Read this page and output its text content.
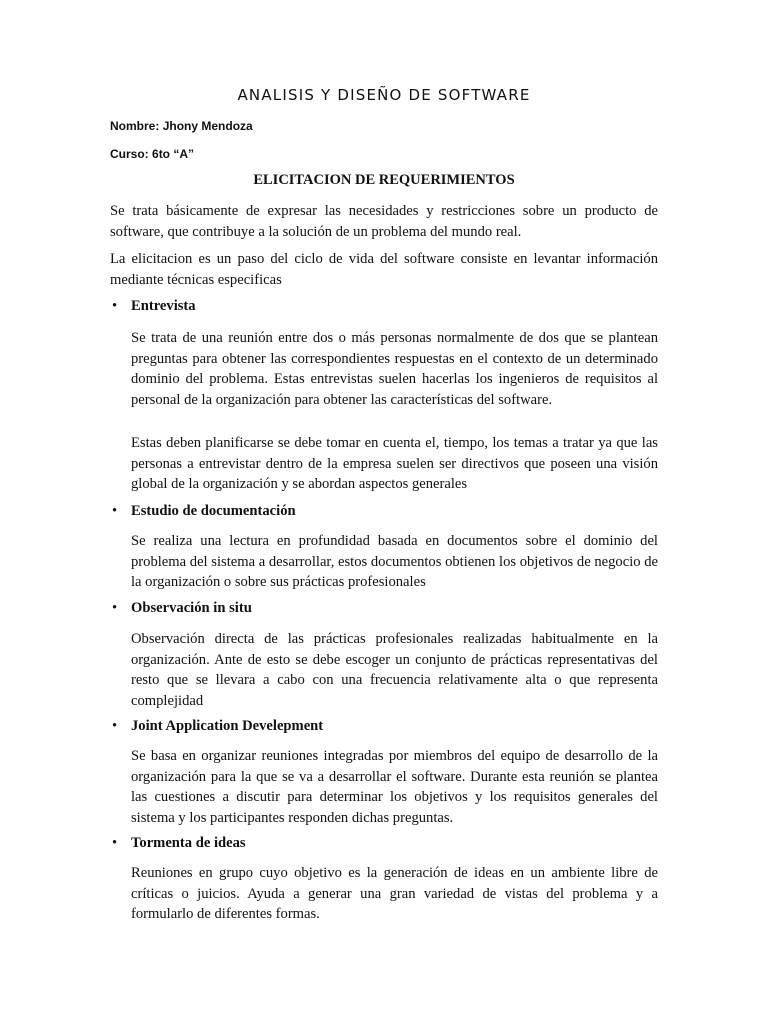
ANALISIS Y DISEÑO DE SOFTWARE
Nombre: Jhony Mendoza
Curso: 6to “A”
ELICITACION DE REQUERIMIENTOS

Se trata básicamente de expresar las necesidades y restricciones sobre un producto de software, que contribuye a la solución de un problema del mundo real.

La elicitacion es un paso del ciclo de vida del software consiste en levantar información mediante técnicas especificas

• Entrevista

Se trata de una reunión entre dos o más personas normalmente de dos que se plantean preguntas para obtener las correspondientes respuestas en el contexto de un determinado dominio del problema. Estas entrevistas suelen hacerlas los ingenieros de requisitos al personal de la organización para obtener las características del software.

Estas deben planificarse se debe tomar en cuenta el, tiempo, los temas a tratar ya que las personas a entrevistar dentro de la empresa suelen ser directivos que poseen una visión global de la organización y se abordan aspectos generales

• Estudio de documentación

Se realiza una lectura en profundidad basada en documentos sobre el dominio del problema del sistema a desarrollar, estos documentos obtienen los objetivos de negocio de la organización o sobre sus prácticas profesionales

• Observación in situ

Observación directa de las prácticas profesionales realizadas habitualmente en la organización. Ante de esto se debe escoger un conjunto de prácticas representativas del resto que se llevara a cabo con una frecuencia relativamente alta o que representa complejidad

• Joint Application Develepment

Se basa en organizar reuniones integradas por miembros del equipo de desarrollo de la organización para la que se va a desarrollar el software. Durante esta reunión se plantea las cuestiones a discutir para determinar los objetivos y los requisitos generales del sistema y los participantes responden dichas preguntas.

• Tormenta de ideas

Reuniones en grupo cuyo objetivo es la generación de ideas en un ambiente libre de críticas o juicios. Ayuda a generar una gran variedad de vistas del problema y a formularlo de diferentes formas.
